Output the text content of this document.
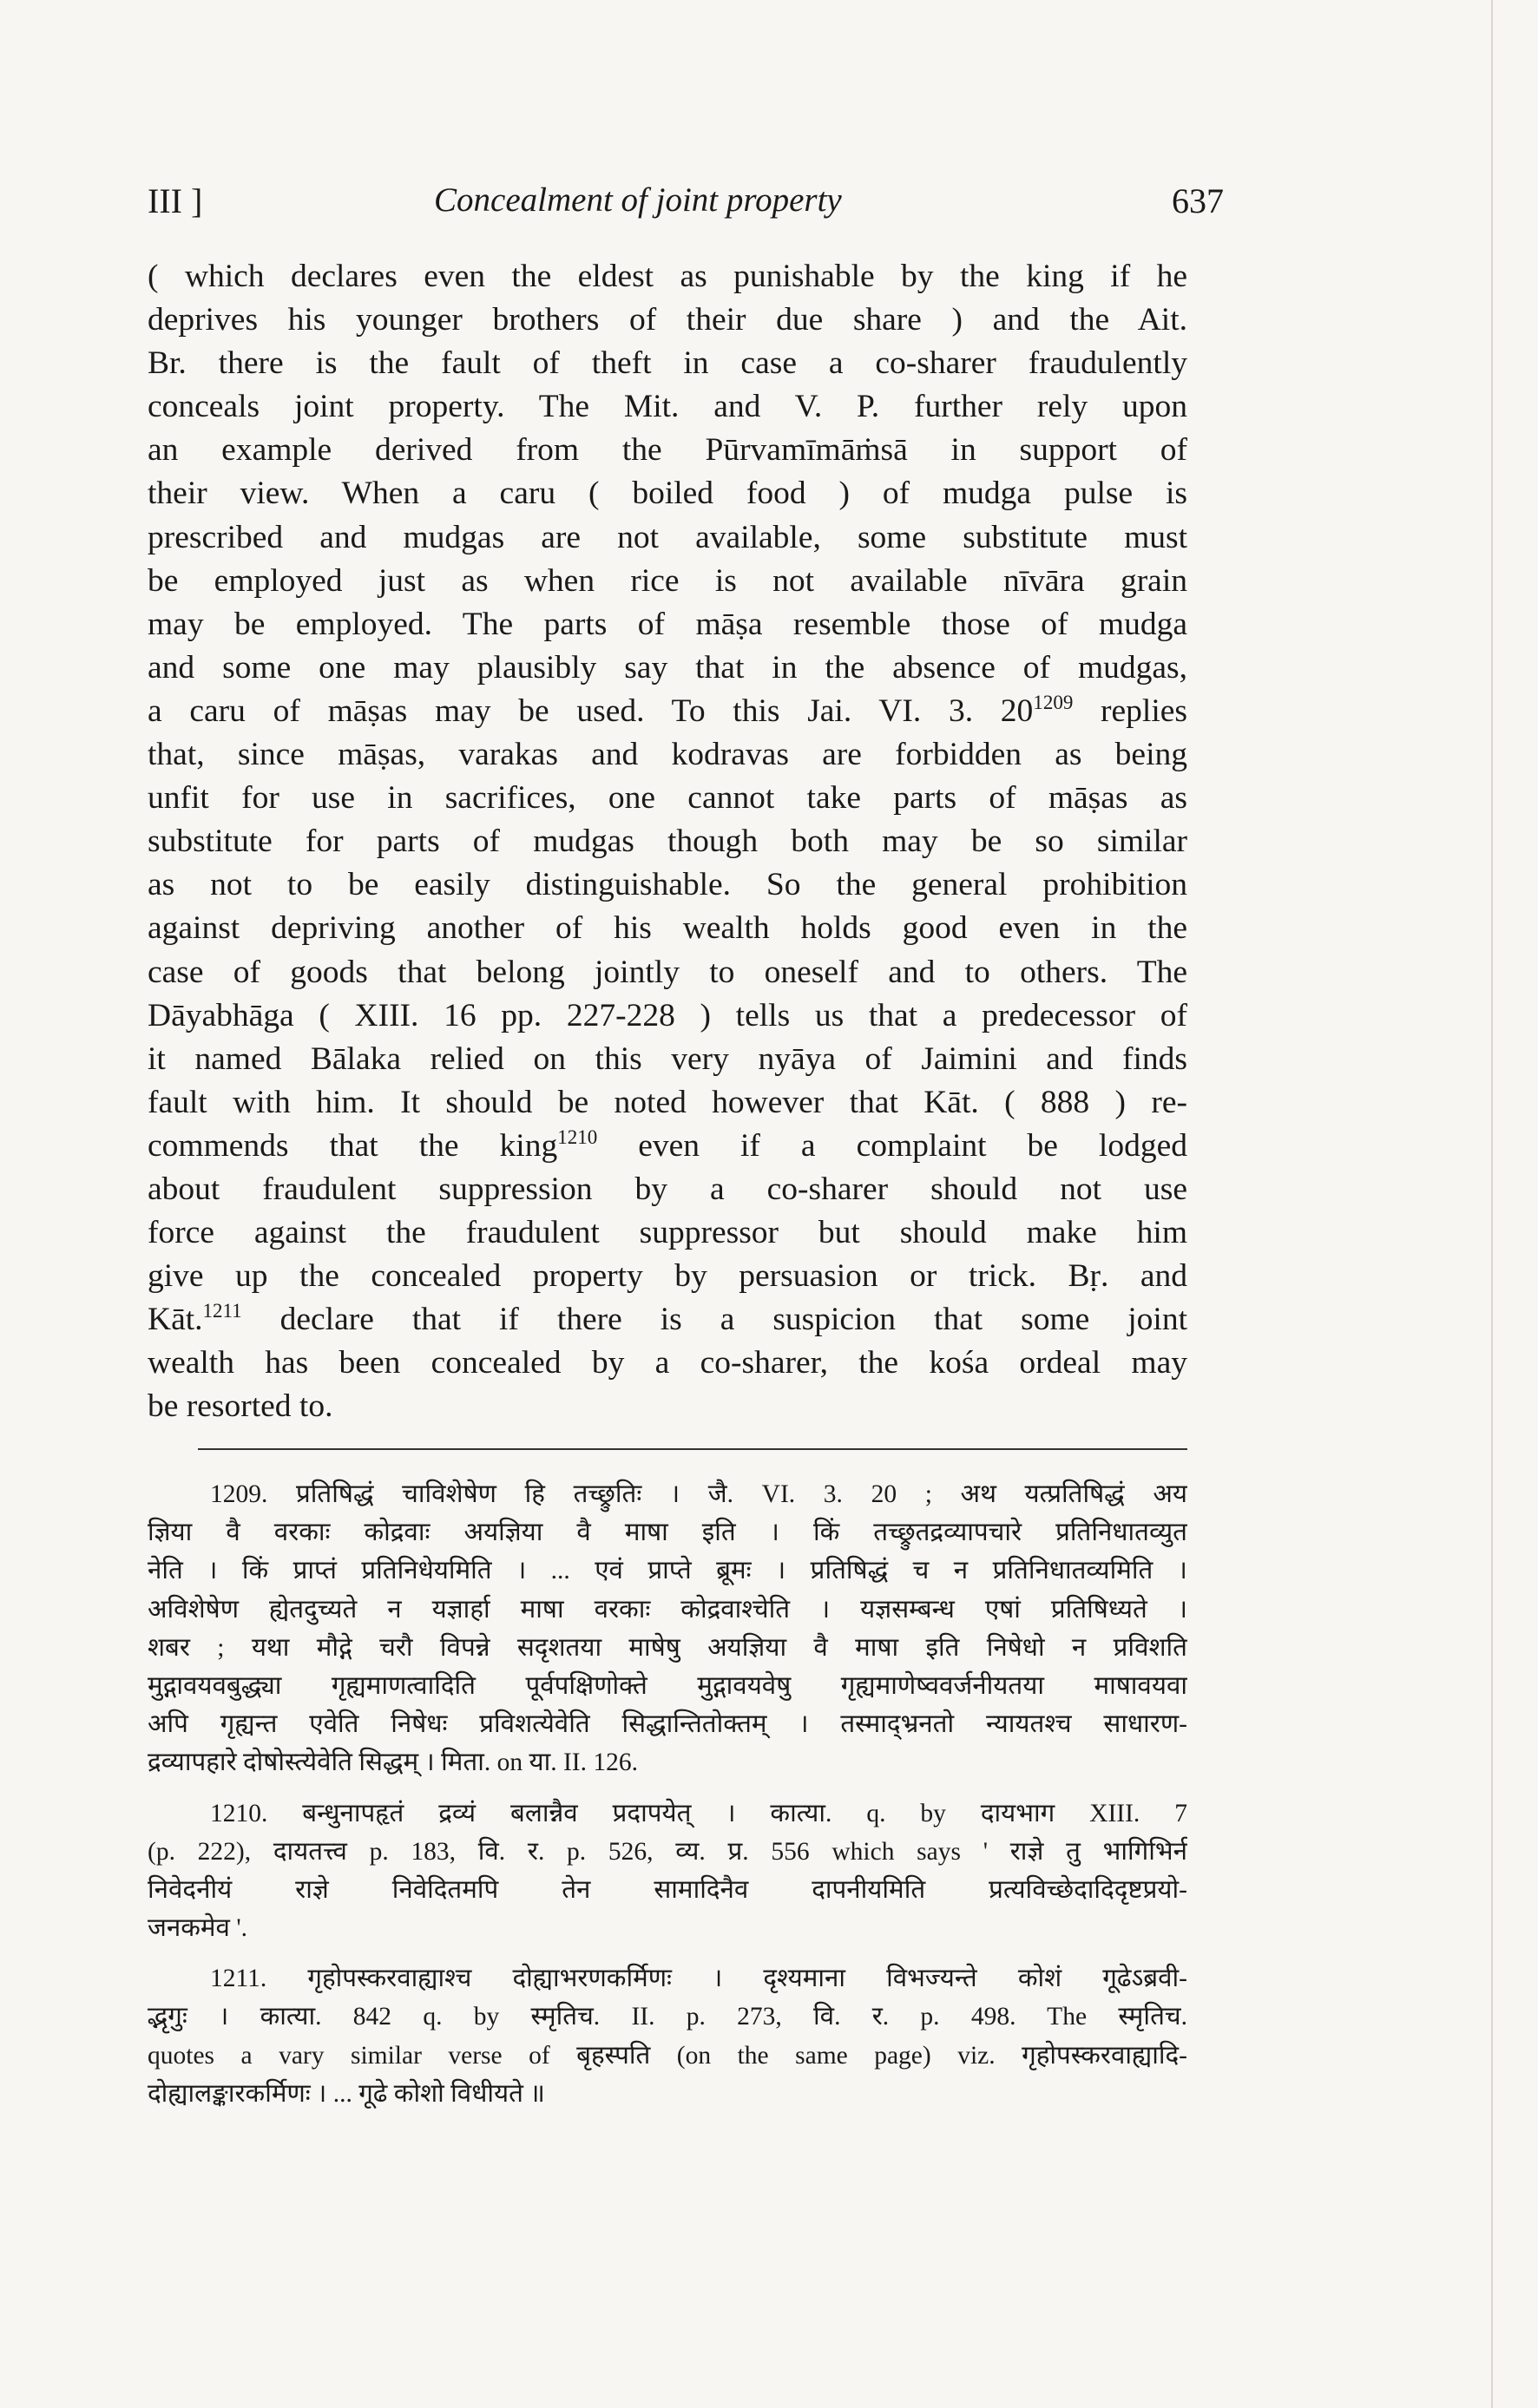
III ]	Concealment of joint property	637
( which declares even the eldest as punishable by the king if he
deprives his younger brothers of their due share ) and the Ait.
Br. there is the fault of theft in case a co-sharer fraudulently
conceals joint property. The Mit. and V. P. further rely upon
an example derived from the Pūrvamīmāṁsā in support of
their view. When a caru ( boiled food ) of mudga pulse is
prescribed and mudgas are not available, some substitute must
be employed just as when rice is not available nīvāra grain
may be employed. The parts of māṣa resemble those of mudga
and some one may plausibly say that in the absence of mudgas,
a caru of māṣas may be used. To this Jai. VI. 3. $20^{1209}$ replies
that, since māṣas, varakas and kodravas are forbidden as being
unfit for use in sacrifices, one cannot take parts of māṣas as
substitute for parts of mudgas though both may be so similar
as not to be easily distinguishable. So the general prohibition
against depriving another of his wealth holds good even in the
case of goods that belong jointly to oneself and to others. The
Dāyabhāga ( XIII. 16 pp. 227-228 ) tells us that a predecessor of
it named Bālaka relied on this very nyāya of Jaimini and finds
fault with him. It should be noted however that Kāt. ( 888 ) re-
commends that the king$^{1210}$ even if a complaint be lodged
about fraudulent suppression by a co-sharer should not use
force against the fraudulent suppressor but should make him
give up the concealed property by persuasion or trick. Bṛ. and
Kāt.$^{1211}$ declare that if there is a suspicion that some joint
wealth has been concealed by a co-sharer, the kośa ordeal may
be resorted to.
1209. प्रतिषिद्धं चाविशेषेण हि तच्छ्रुतिः । जै. VI. 3. 20 ; अथ यत्प्रतिषिद्धं अय
ज्ञिया वै वरकाः कोद्रवाः अयज्ञिया वै माषा इति । किं तच्छ्रुतद्रव्यापचारे प्रतिनिधातव्युत
नेति । किं प्राप्तं प्रतिनिधेयमिति । ... एवं प्राप्ते ब्रूमः । प्रतिषिद्धं च न प्रतिनिधातव्यमिति ।
अविशेषेण ह्येतदुच्यते न यज्ञार्हा माषा वरकाः कोद्रवाश्चेति । यज्ञसम्बन्ध एषां प्रतिषिध्यते ।
शबर ; यथा मौद्गे चरौ विपन्ने सदृशतया माषेषु अयज्ञिया वै माषा इति निषेधो न प्रविशति
मुद्गावयवबुद्ध्या गृह्यमाणत्वादिति पूर्वपक्षिणोक्ते मुद्गावयवेषु गृह्यमाणेष्ववर्जनीयतया माषावयवा
अपि गृह्यन्त एवेति निषेधः प्रविशत्येवेति सिद्धान्तितोक्तम् । तस्माद्भ्रनतो न्यायतश्च साधारण-
द्रव्यापहारे दोषोस्त्येवेति सिद्धम् । मिता. on या. II. 126.
1210. बन्धुनापहृतं द्रव्यं बलान्नैव प्रदापयेत् । कात्या. q. by दायभाग XIII. 7
(p. 222), दायतत्त्व p. 183, वि. र. p. 526, व्य. प्र. 556 which says ' राज्ञे तु भागिभिर्न
निवेदनीयं राज्ञे निवेदितमपि तेन सामादिनैव दापनीयमिति प्रत्यविच्छेदादिदृष्टप्रयो-
जनकमेव '.
1211. गृहोपस्करवाह्याश्च दोह्याभरणकर्मिणः । दृश्यमाना विभज्यन्ते कोशं गूढेऽब्रवी-
द्भृगुः । कात्या. 842 q. by स्मृतिच. II. p. 273, वि. र. p. 498. The स्मृतिच.
quotes a vary similar verse of बृहस्पति (on the same page) viz. गृहोपस्करवाह्यादि-
दोह्यालङ्कारकर्मिणः । ... गूढे कोशो विधीयते ॥
